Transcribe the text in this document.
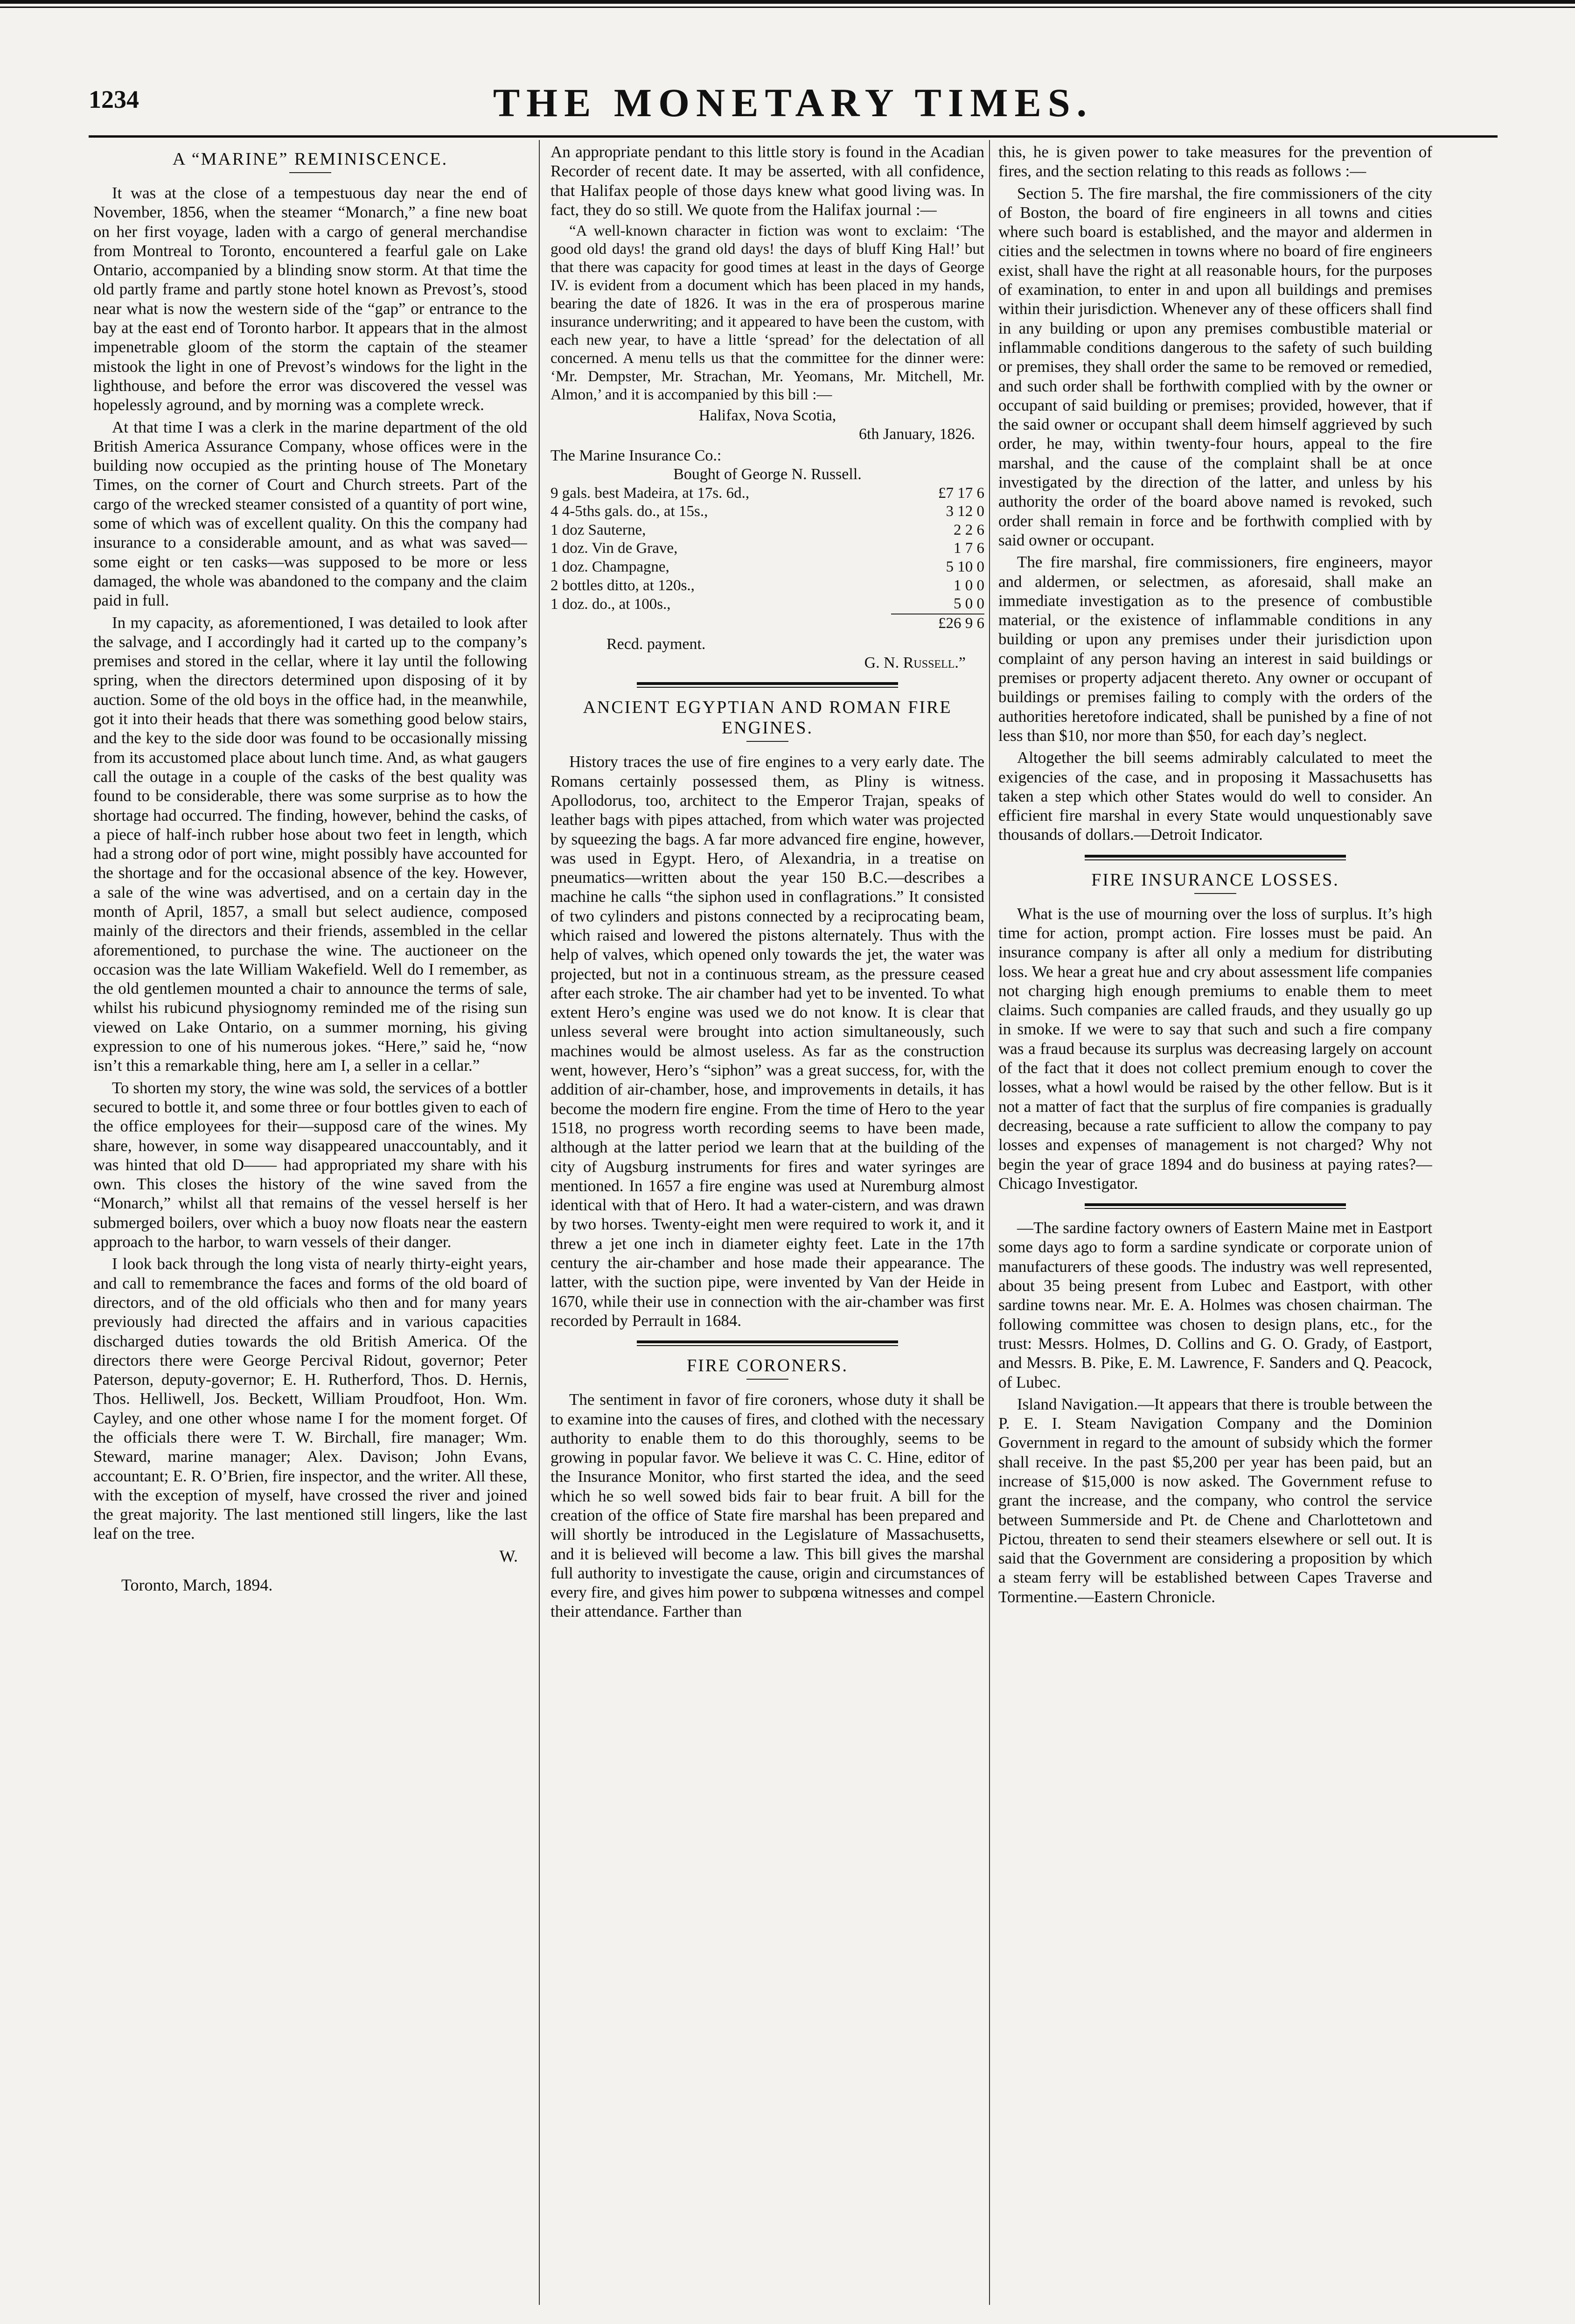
1234	THE MONETARY TIMES.
A “MARINE” REMINISCENCE.

It was at the close of a tempestuous day near the end of November, 1856, when the steamer “Monarch,” a fine new boat on her first voyage, laden with a cargo of general merchandise from Montreal to Toronto, encountered a fearful gale on Lake Ontario, accompanied by a blinding snow storm. At that time the old partly frame and partly stone hotel known as Prevost’s, stood near what is now the western side of the “gap” or entrance to the bay at the east end of Toronto harbor. It appears that in the almost impenetrable gloom of the storm the captain of the steamer mistook the light in one of Prevost’s windows for the light in the lighthouse, and before the error was discovered the vessel was hopelessly aground, and by morning was a complete wreck.

At that time I was a clerk in the marine department of the old British America Assurance Company, whose offices were in the building now occupied as the printing house of The Monetary Times, on the corner of Court and Church streets. Part of the cargo of the wrecked steamer consisted of a quantity of port wine, some of which was of excellent quality. On this the company had insurance to a considerable amount, and as what was saved—some eight or ten casks—was supposed to be more or less damaged, the whole was abandoned to the company and the claim paid in full.

In my capacity, as aforementioned, I was detailed to look after the salvage, and I accordingly had it carted up to the company’s premises and stored in the cellar, where it lay until the following spring, when the directors determined upon disposing of it by auction. Some of the old boys in the office had, in the meanwhile, got it into their heads that there was something good below stairs, and the key to the side door was found to be occasionally missing from its accustomed place about lunch time. And, as what gaugers call the outage in a couple of the casks of the best quality was found to be considerable, there was some surprise as to how the shortage had occurred. The finding, however, behind the casks, of a piece of half-inch rubber hose about two feet in length, which had a strong odor of port wine, might possibly have accounted for the shortage and for the occasional absence of the key. However, a sale of the wine was advertised, and on a certain day in the month of April, 1857, a small but select audience, composed mainly of the directors and their friends, assembled in the cellar aforementioned, to purchase the wine. The auctioneer on the occasion was the late William Wakefield. Well do I remember, as the old gentlemen mounted a chair to announce the terms of sale, whilst his rubicund physiognomy reminded me of the rising sun viewed on Lake Ontario, on a summer morning, his giving expression to one of his numerous jokes. “Here,” said he, “now isn’t this a remarkable thing, here am I, a seller in a cellar.”

To shorten my story, the wine was sold, the services of a bottler secured to bottle it, and some three or four bottles given to each of the office employees for their—supposd care of the wines. My share, however, in some way disappeared unaccountably, and it was hinted that old D—— had appropriated my share with his own. This closes the history of the wine saved from the “Monarch,” whilst all that remains of the vessel herself is her submerged boilers, over which a buoy now floats near the eastern approach to the harbor, to warn vessels of their danger.

I look back through the long vista of nearly thirty-eight years, and call to remembrance the faces and forms of the old board of directors, and of the old officials who then and for many years previously had directed the affairs and in various capacities discharged duties towards the old British America. Of the directors there were George Percival Ridout, governor; Peter Paterson, deputy-governor; E. H. Rutherford, Thos. D. Hernis, Thos. Helliwell, Jos. Beckett, William Proudfoot, Hon. Wm. Cayley, and one other whose name I for the moment forget. Of the officials there were T. W. Birchall, fire manager; Wm. Steward, marine manager; Alex. Davison; John Evans, accountant; E. R. O’Brien, fire inspector, and the writer. All these, with the exception of myself, have crossed the river and joined the great majority. The last mentioned still lingers, like the last leaf on the tree.

W.
Toronto, March, 1894.

An appropriate pendant to this little story is found in the Acadian Recorder of recent date. It may be asserted, with all confidence, that Halifax people of those days knew what good living was. In fact, they do so still. We quote from the Halifax journal :—

“A well-known character in fiction was wont to exclaim: ‘The good old days! the grand old days! the days of bluff King Hal!’ but that there was capacity for good times at least in the days of George IV. is evident from a document which has been placed in my hands, bearing the date of 1826. It was in the era of prosperous marine insurance underwriting; and it appeared to have been the custom, with each new year, to have a little ‘spread’ for the delectation of all concerned. A menu tells us that the committee for the dinner were: ‘Mr. Dempster, Mr. Strachan, Mr. Yeomans, Mr. Mitchell, Mr. Almon,’ and it is accompanied by this bill :—
Halifax, Nova Scotia,
6th January, 1826.
The Marine Insurance Co.:
Bought of George N. Russell.
9 gals. best Madeira, at 17s. 6d.,	£7 17 6
4 4-5ths gals. do., at 15s.,	3 12 0
1 doz Sauterne,	2 2 6
1 doz. Vin de Grave,	1 7 6
1 doz. Champagne,	5 10 0
2 bottles ditto, at 120s.,	1 0 0
1 doz. do., at 100s.,	5 0 0
	£26 9 6
Recd. payment.
G. N. Russell.”
ANCIENT EGYPTIAN AND ROMAN FIRE ENGINES.

History traces the use of fire engines to a very early date. The Romans certainly possessed them, as Pliny is witness. Apollodorus, too, architect to the Emperor Trajan, speaks of leather bags with pipes attached, from which water was projected by squeezing the bags. A far more advanced fire engine, however, was used in Egypt. Hero, of Alexandria, in a treatise on pneumatics—written about the year 150 B.C.—describes a machine he calls “the siphon used in conflagrations.” It consisted of two cylinders and pistons connected by a reciprocating beam, which raised and lowered the pistons alternately. Thus with the help of valves, which opened only towards the jet, the water was projected, but not in a continuous stream, as the pressure ceased after each stroke. The air chamber had yet to be invented. To what extent Hero’s engine was used we do not know. It is clear that unless several were brought into action simultaneously, such machines would be almost useless. As far as the construction went, however, Hero’s “siphon” was a great success, for, with the addition of air-chamber, hose, and improvements in details, it has become the modern fire engine. From the time of Hero to the year 1518, no progress worth recording seems to have been made, although at the latter period we learn that at the building of the city of Augsburg instruments for fires and water syringes are mentioned. In 1657 a fire engine was used at Nuremburg almost identical with that of Hero. It had a water-cistern, and was drawn by two horses. Twenty-eight men were required to work it, and it threw a jet one inch in diameter eighty feet. Late in the 17th century the air-chamber and hose made their appearance. The latter, with the suction pipe, were invented by Van der Heide in 1670, while their use in connection with the air-chamber was first recorded by Perrault in 1684.

FIRE CORONERS.

The sentiment in favor of fire coroners, whose duty it shall be to examine into the causes of fires, and clothed with the necessary authority to enable them to do this thoroughly, seems to be growing in popular favor. We believe it was C. C. Hine, editor of the Insurance Monitor, who first started the idea, and the seed which he so well sowed bids fair to bear fruit. A bill for the creation of the office of State fire marshal has been prepared and will shortly be introduced in the Legislature of Massachusetts, and it is believed will become a law. This bill gives the marshal full authority to investigate the cause, origin and circumstances of every fire, and gives him power to subpœna witnesses and compel their attendance. Farther than

this, he is given power to take measures for the prevention of fires, and the section relating to this reads as follows :—

Section 5. The fire marshal, the fire commissioners of the city of Boston, the board of fire engineers in all towns and cities where such board is established, and the mayor and aldermen in cities and the selectmen in towns where no board of fire engineers exist, shall have the right at all reasonable hours, for the purposes of examination, to enter in and upon all buildings and premises within their jurisdiction. Whenever any of these officers shall find in any building or upon any premises combustible material or inflammable conditions dangerous to the safety of such building or premises, they shall order the same to be removed or remedied, and such order shall be forthwith complied with by the owner or occupant of said building or premises; provided, however, that if the said owner or occupant shall deem himself aggrieved by such order, he may, within twenty-four hours, appeal to the fire marshal, and the cause of the complaint shall be at once investigated by the direction of the latter, and unless by his authority the order of the board above named is revoked, such order shall remain in force and be forthwith complied with by said owner or occupant.

The fire marshal, fire commissioners, fire engineers, mayor and aldermen, or selectmen, as aforesaid, shall make an immediate investigation as to the presence of combustible material, or the existence of inflammable conditions in any building or upon any premises under their jurisdiction upon complaint of any person having an interest in said buildings or premises or property adjacent thereto. Any owner or occupant of buildings or premises failing to comply with the orders of the authorities heretofore indicated, shall be punished by a fine of not less than $10, nor more than $50, for each day’s neglect.

Altogether the bill seems admirably calculated to meet the exigencies of the case, and in proposing it Massachusetts has taken a step which other States would do well to consider. An efficient fire marshal in every State would unquestionably save thousands of dollars.—Detroit Indicator.

FIRE INSURANCE LOSSES.

What is the use of mourning over the loss of surplus. It’s high time for action, prompt action. Fire losses must be paid. An insurance company is after all only a medium for distributing loss. We hear a great hue and cry about assessment life companies not charging high enough premiums to enable them to meet claims. Such companies are called frauds, and they usually go up in smoke. If we were to say that such and such a fire company was a fraud because its surplus was decreasing largely on account of the fact that it does not collect premium enough to cover the losses, what a howl would be raised by the other fellow. But is it not a matter of fact that the surplus of fire companies is gradually decreasing, because a rate sufficient to allow the company to pay losses and expenses of management is not charged? Why not begin the year of grace 1894 and do business at paying rates?—Chicago Investigator.

—The sardine factory owners of Eastern Maine met in Eastport some days ago to form a sardine syndicate or corporate union of manufacturers of these goods. The industry was well represented, about 35 being present from Lubec and Eastport, with other sardine towns near. Mr. E. A. Holmes was chosen chairman. The following committee was chosen to design plans, etc., for the trust: Messrs. Holmes, D. Collins and G. O. Grady, of Eastport, and Messrs. B. Pike, E. M. Lawrence, F. Sanders and Q. Peacock, of Lubec.

Island Navigation.—It appears that there is trouble between the P. E. I. Steam Navigation Company and the Dominion Government in regard to the amount of subsidy which the former shall receive. In the past $5,200 per year has been paid, but an increase of $15,000 is now asked. The Government refuse to grant the increase, and the company, who control the service between Summerside and Pt. de Chene and Charlottetown and Pictou, threaten to send their steamers elsewhere or sell out. It is said that the Government are considering a proposition by which a steam ferry will be established between Capes Traverse and Tormentine.—Eastern Chronicle.
